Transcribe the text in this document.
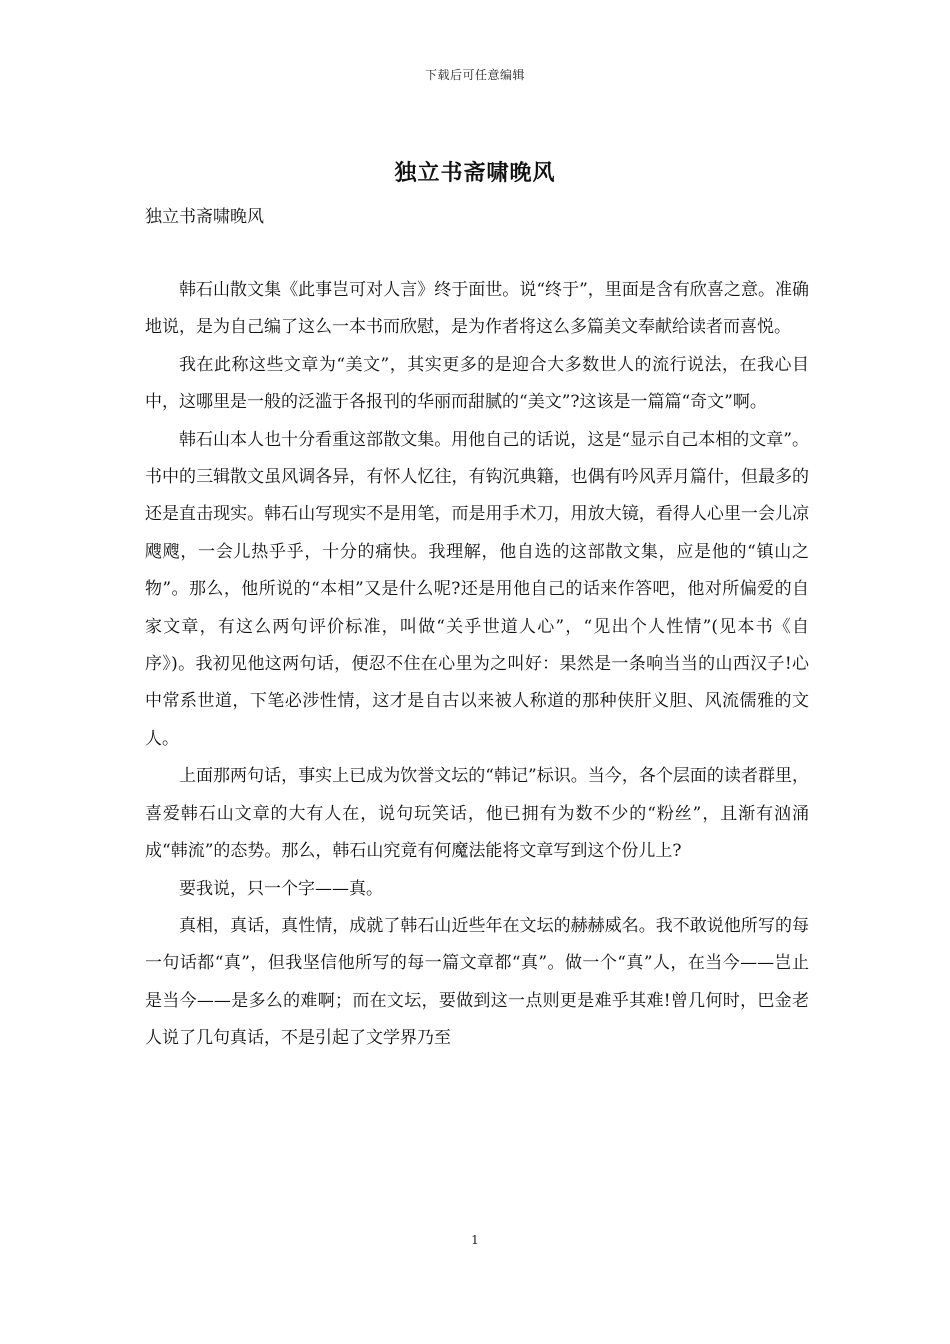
下载后可任意编辑
独立书斋啸晚风
独立书斋啸晚风

韩石山散文集《此事岂可对人言》终于面世。说“终于”，里面是含有欣喜之意。准确地说，是为自己编了这么一本书而欣慰，是为作者将这么多篇美文奉献给读者而喜悦。

我在此称这些文章为“美文”，其实更多的是迎合大多数世人的流行说法，在我心目中，这哪里是一般的泛滥于各报刊的华丽而甜腻的“美文”?这该是一篇篇“奇文”啊。

韩石山本人也十分看重这部散文集。用他自己的话说，这是“显示自己本相的文章”。书中的三辑散文虽风调各异，有怀人忆往，有钩沉典籍，也偶有吟风弄月篇什，但最多的还是直击现实。韩石山写现实不是用笔，而是用手术刀，用放大镜，看得人心里一会儿凉飕飕，一会儿热乎乎，十分的痛快。我理解，他自选的这部散文集，应是他的“镇山之物”。那么，他所说的“本相”又是什么呢?还是用他自己的话来作答吧，他对所偏爱的自家文章，有这么两句评价标准，叫做“关乎世道人心”，“见出个人性情”(见本书《自序》)。我初见他这两句话，便忍不住在心里为之叫好：果然是一条响当当的山西汉子!心中常系世道，下笔必涉性情，这才是自古以来被人称道的那种侠肝义胆、风流儒雅的文人。

上面那两句话，事实上已成为饮誉文坛的“韩记”标识。当今，各个层面的读者群里，喜爱韩石山文章的大有人在，说句玩笑话，他已拥有为数不少的“粉丝”，且渐有汹涌成“韩流”的态势。那么，韩石山究竟有何魔法能将文章写到这个份儿上?

要我说，只一个字——真。

真相，真话，真性情，成就了韩石山近些年在文坛的赫赫威名。我不敢说他所写的每一句话都“真”，但我坚信他所写的每一篇文章都“真”。做一个“真”人，在当今——岂止是当今——是多么的难啊；而在文坛，要做到这一点则更是难乎其难!曾几何时，巴金老人说了几句真话，不是引起了文学界乃至

1
